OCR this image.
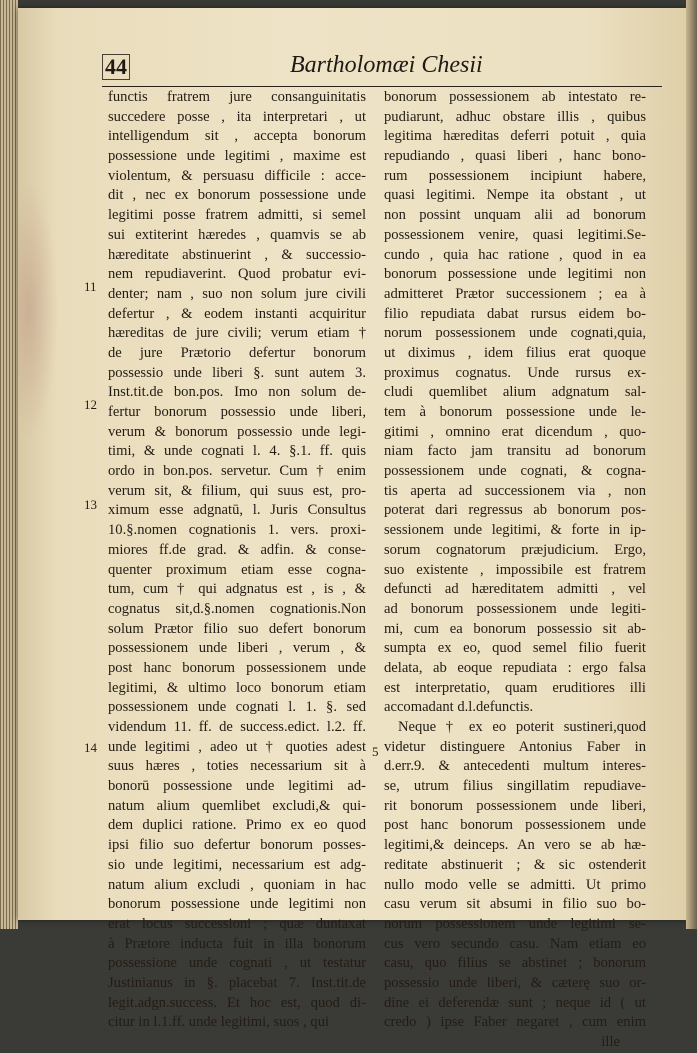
44	Bartholomæi Chesii
functis fratrem jure consanguinitatis
succedere posse , ita interpretari , ut
intelligendum sit , accepta bonorum
possessione unde legitimi , maxime est
violentum, & persuasu difficile : acce-
dit , nec ex bonorum possessione unde
legitimi posse fratrem admitti, si semel
sui extiterint hæredes , quamvis se ab
hæreditate abstinuerint , & successio-
nem repudiaverint. Quod probatur evi-
denter; nam , suo non solum jure civili
defertur , & eodem instanti acquiritur
hæreditas de jure civili; verum etiam †
de jure Prætorio defertur bonorum
possessio unde liberi §. sunt autem 3.
Inst.tit.de bon.pos. Imo non solum de-
fertur bonorum possessio unde liberi,
verum & bonorum possessio unde legi-
timi, & unde cognati l. 4. §.1. ff. quis
ordo in bon.pos. servetur. Cum † enim
verum sit, & filium, qui suus est, pro-
ximum esse adgnatū, l. Juris Consultus
10.§.nomen cognationis 1. vers. proxi-
miores ff.de grad. & adfin. & conse-
quenter proximum etiam esse cogna-
tum, cum † qui adgnatus est , is , &
cognatus sit,d.§.nomen cognationis.Non
solum Prætor filio suo defert bonorum
possessionem unde liberi , verum , &
post hanc bonorum possessionem unde
legitimi, & ultimo loco bonorum etiam
possessionem unde cognati l. 1. §. sed
videndum 11. ff. de success.edict. l.2. ff.
unde legitimi , adeo ut † quoties adest
suus hæres , toties necessarium sit à
bonorū possessione unde legitimi ad-
natum alium quemlibet excludi,& qui-
dem duplici ratione. Primo ex eo quod
ipsi filio suo defertur bonorum posses-
sio unde legitimi, necessarium est adg-
natum alium excludi , quoniam in hac
bonorum possessione unde legitimi non
erat locus successioni ; quæ duntaxat
à Prætore inducta fuit in illa bonorum
possessione unde cognati , ut testatur
Justinianus in §. placebat 7. Inst.tit.de
legit.adgn.success. Et hoc est, quod di-
citur in l.1.ff. unde legitimi, suos , qui
bonorum possessionem ab intestato re-
pudiarunt, adhuc obstare illis , quibus
legitima hæreditas deferri potuit , quia
repudiando , quasi liberi , hanc bono-
rum possessionem incipiunt habere,
quasi legitimi. Nempe ita obstant , ut
non possint unquam alii ad bonorum
possessionem venire, quasi legitimi.Se-
cundo , quia hac ratione , quod in ea
bonorum possessione unde legitimi non
admitteret Prætor successionem ; ea à
filio repudiata dabat rursus eidem bo-
norum possessionem unde cognati,quia,
ut diximus , idem filius erat quoque
proximus cognatus. Unde rursus ex-
cludi quemlibet alium adgnatum sal-
tem à bonorum possessione unde le-
gitimi , omnino erat dicendum , quo-
niam facto jam transitu ad bonorum
possessionem unde cognati, & cogna-
tis aperta ad successionem via , non
poterat dari regressus ab bonorum pos-
sessionem unde legitimi, & forte in ip-
sorum cognatorum præjudicium. Ergo,
suo existente , impossibile est fratrem
defuncti ad hæreditatem admitti , vel
ad bonorum possessionem unde legiti-
mi, cum ea bonorum possessio sit ab-
sumpta ex eo, quod semel filio fuerit
delata, ab eoque repudiata : ergo falsa
est interpretatio, quam eruditiores illi
accomadant d.l.defunctis.
Neque † ex eo poterit sustineri,quod
videtur distinguere Antonius Faber in
d.err.9. & antecedenti multum interes-
se, utrum filius singillatim repudiave-
rit bonorum possessionem unde liberi,
post hanc bonorum possessionem unde
legitimi,& deinceps. An vero se ab hæ-
reditate abstinuerit ; & sic ostenderit
nullo modo velle se admitti. Ut primo
casu verum sit absumi in filio suo bo-
norum possessionem unde legitimi se-
cus vero secundo casu. Nam etiam eo
casu, quo filius se abstinet ; bonorum
possessio unde liberi, & cæterę suo or-
dine ei deferendæ sunt ; neque id ( ut
credo ) ipse Faber negaret , cum enim
ille
11
12
13
14	5
